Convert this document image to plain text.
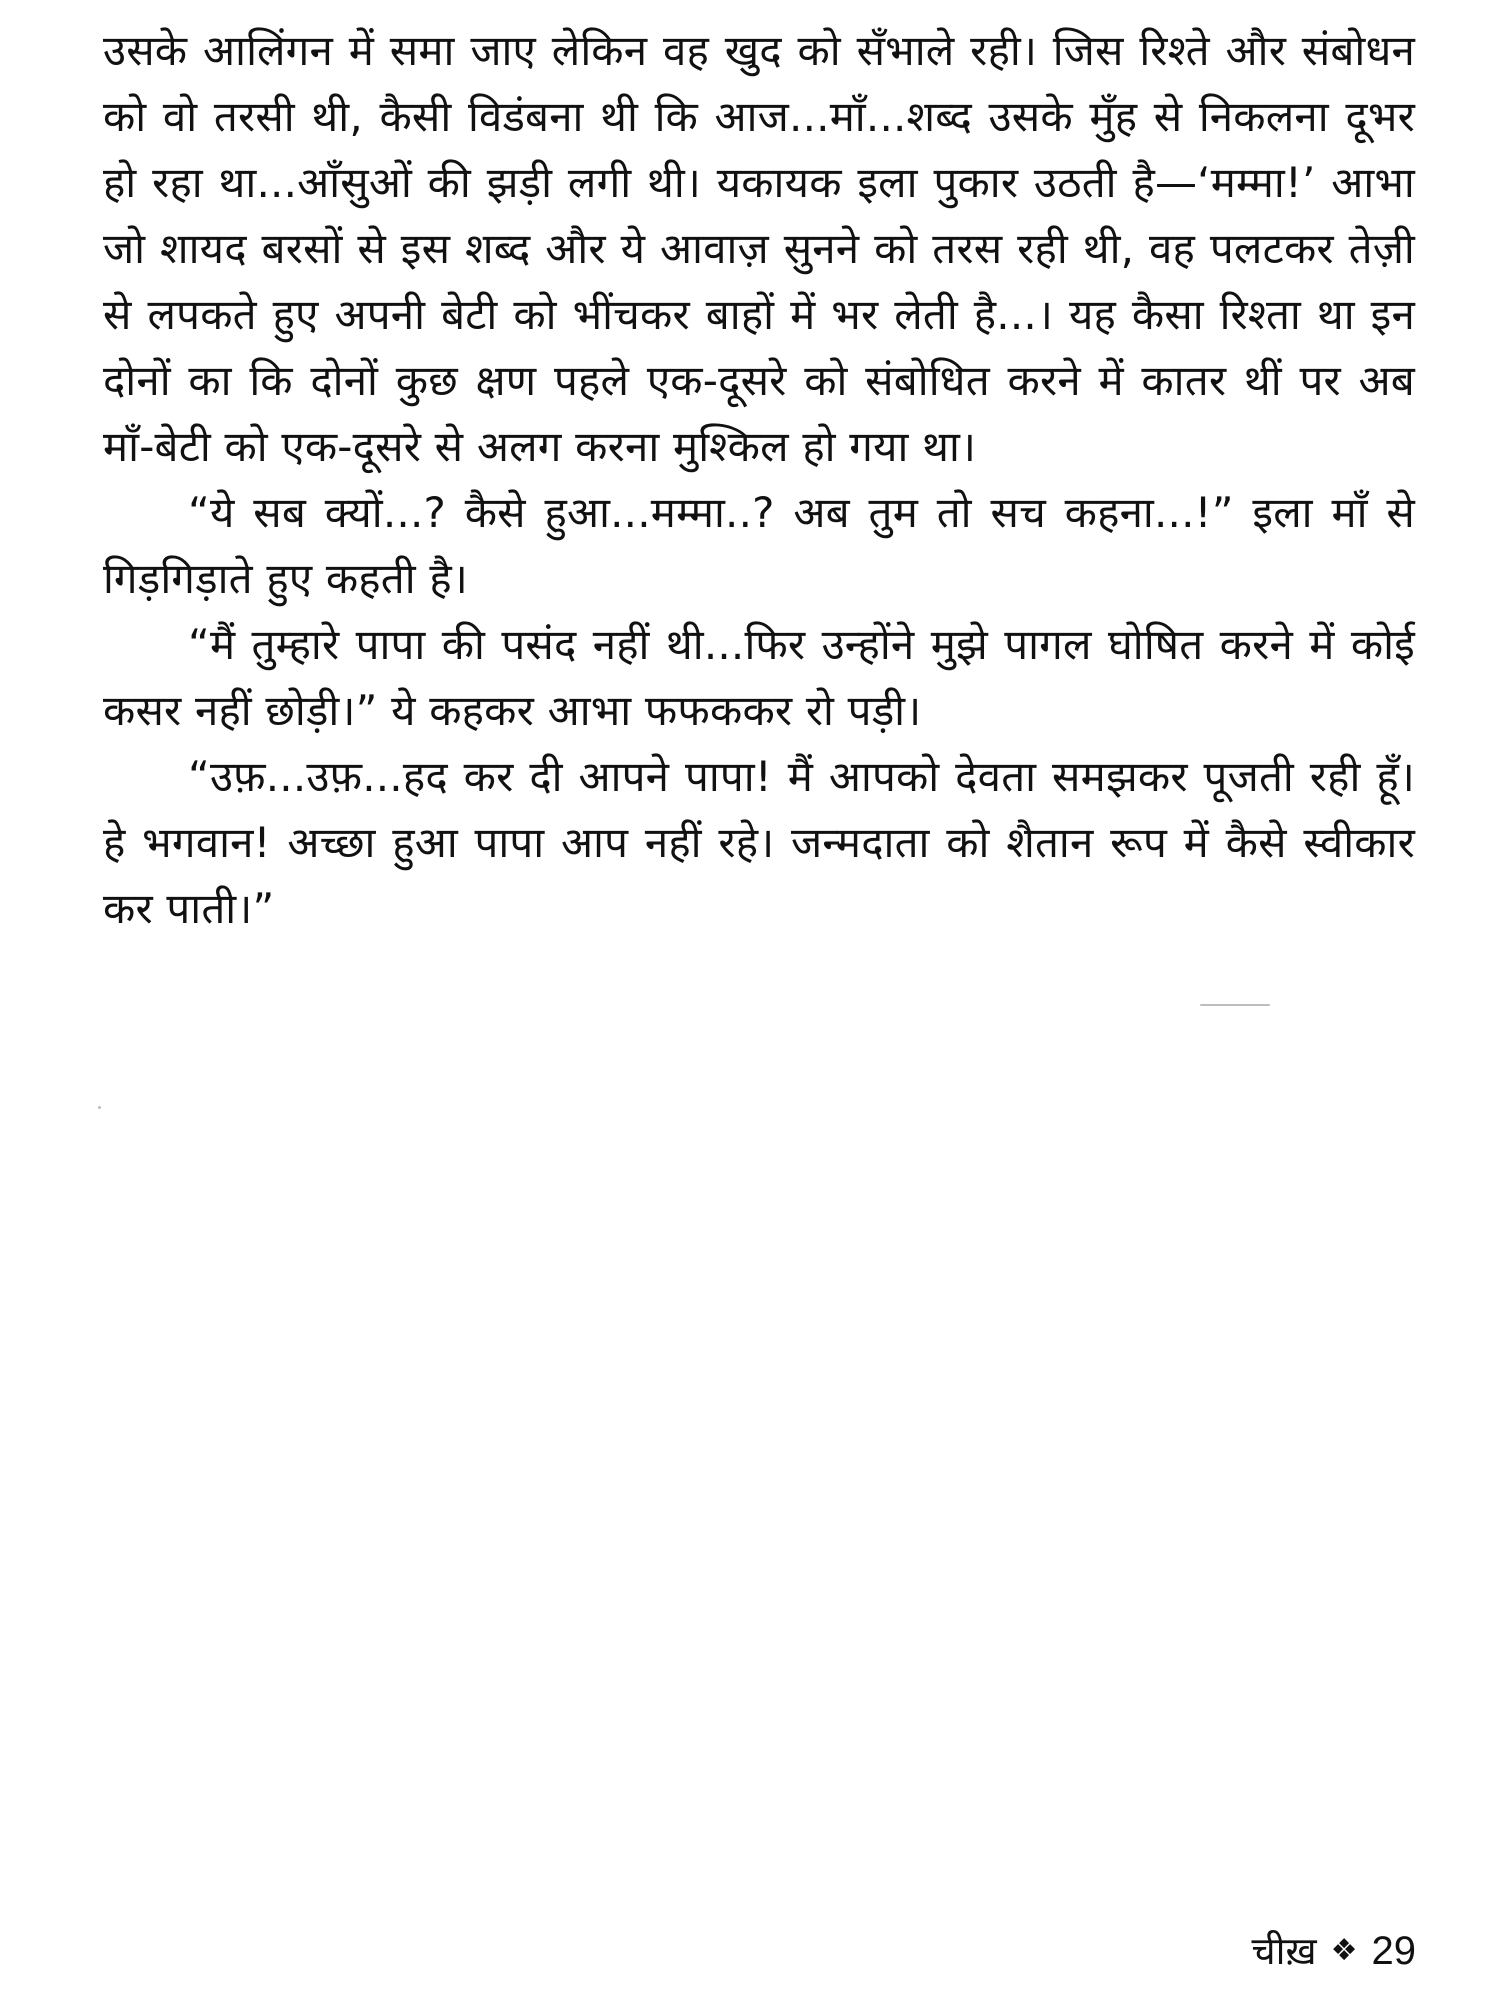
उसके आलिंगन में समा जाए लेकिन वह खुद को सँभाले रही। जिस रिश्ते और संबोधन को वो तरसी थी, कैसी विडंबना थी कि आज...माँ...शब्द उसके मुँह से निकलना दूभर हो रहा था...आँसुओं की झड़ी लगी थी। यकायक इला पुकार उठती है—‘मम्मा!’ आभा जो शायद बरसों से इस शब्द और ये आवाज़ सुनने को तरस रही थी, वह पलटकर तेज़ी से लपकते हुए अपनी बेटी को भींचकर बाहों में भर लेती है...। यह कैसा रिश्ता था इन दोनों का कि दोनों कुछ क्षण पहले एक-दूसरे को संबोधित करने में कातर थीं पर अब माँ-बेटी को एक-दूसरे से अलग करना मुश्किल हो गया था।

“ये सब क्यों...? कैसे हुआ...मम्मा..? अब तुम तो सच कहना...!” इला माँ से गिड़गिड़ाते हुए कहती है।

“मैं तुम्हारे पापा की पसंद नहीं थी...फिर उन्होंने मुझे पागल घोषित करने में कोई कसर नहीं छोड़ी।” ये कहकर आभा फफककर रो पड़ी।

“उफ़...उफ़...हद कर दी आपने पापा! मैं आपको देवता समझकर पूजती रही हूँ। हे भगवान! अच्छा हुआ पापा आप नहीं रहे। जन्मदाता को शैतान रूप में कैसे स्वीकार कर पाती।”

चीख़ ❖ 29
